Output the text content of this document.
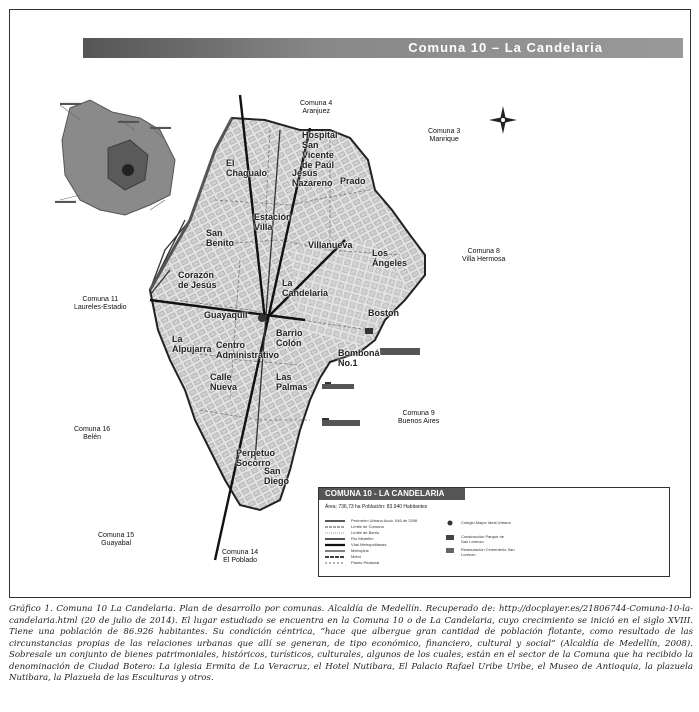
Comuna 10 – La Candelaria
▬▬▬
▬▬▬
▬▬▬
▬▬▬
Comuna 4
Aranjuez
Comuna 3
Manrique
Comuna 8
Villa Hermosa
Comuna 11
Laureles-Estadio
Comuna 9
Buenos Aires
Comuna 16
Belén
Comuna 15
Guayabal
Comuna 14
El Poblado
Hospital San Vicente de Paúl
El Chagualo	Jesús Nazareno Prado
Estación Villa
San Benito	Villanueva
Los Ángeles
Corazón de Jesús	La Candelaria
Guayaquil	Boston
La Alpujarra Centro Administrativo
Barrio Colón
Bomboná No.1
Calle Nueva
Las Palmas
Perpetuo Socorro
San Diego
COMUNA 10 - LA CANDELARIA
Área: 736,73 ha Población: 83.940 Habitantes
Perímetro Urbano Acdo. 046 de 2006
Límite de Comuna
Límite de Barrio
Río Medellín
Vías Metropolitanas
Metroplús
Metro
Paseo Peatonal
Colegio Mayor Ideal Urbano
Construcción Parque de San Lorenzo
Restauración Cementerio San Lorenzo
Gráfico 1. Comuna 10 La Candelaria. Plan de desarrollo por comunas. Alcaldía de Medellín. Recuperado de: http://docplayer.es/21806744-Comuna-10-la-candelaria.html (20 de julio de 2014). El lugar estudiado se encuentra en la Comuna 10 o de La Candelaria, cuyo crecimiento se inició en el siglo XVIII. Tiene una población de 86.926 habitantes. Su condición céntrica, “hace que albergue gran cantidad de población flotante, como resultado de las circunstancias propias de las relaciones urbanas que allí se generan, de tipo económico, financiero, cultural y social” (Alcaldía de Medellín, 2008). Sobresale un conjunto de bienes patrimoniales, históricos, turísticos, culturales, algunos de los cuales, están en el sector de la Comuna que ha recibido la denominación de Ciudad Botero: La iglesia Ermita de La Veracruz, el Hotel Nutibara, El Palacio Rafael Uribe Uribe, el Museo de Antioquia, la plazuela Nutibara, la Plazuela de las Esculturas y otros.
